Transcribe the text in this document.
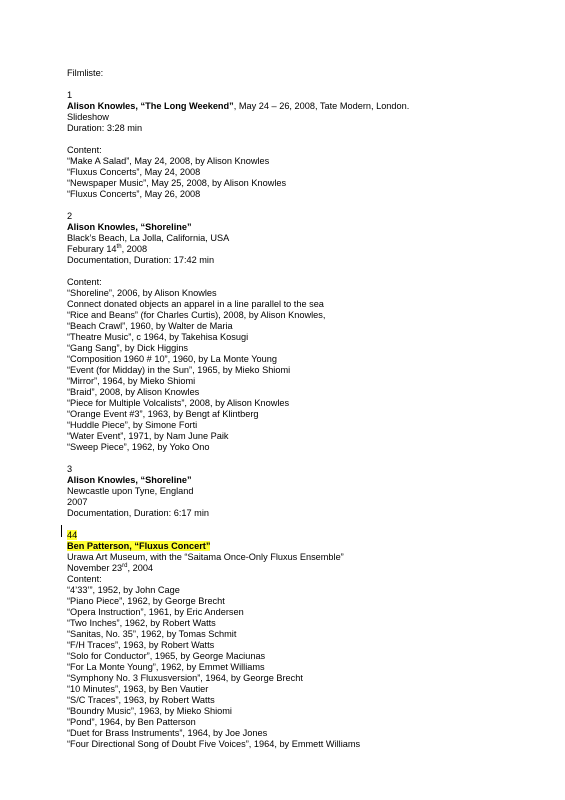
Filmliste:
1
Alison Knowles, “The Long Weekend”, May 24 – 26, 2008, Tate Modern, London.
Slideshow
Duration: 3:28 min
Content:
“Make A Salad”, May 24, 2008, by Alison Knowles
“Fluxus Concerts”, May 24, 2008
“Newspaper Music”, May 25, 2008, by Alison Knowles
“Fluxus Concerts”, May 26, 2008
2
Alison Knowles, “Shoreline”
Black’s Beach, La Jolla, California, USA
Feburary 14th, 2008
Documentation, Duration: 17:42 min
Content:
“Shoreline”, 2006, by Alison Knowles
Connect donated objects an apparel in a line parallel to the sea
“Rice and Beans” (for Charles Curtis), 2008, by Alison Knowles,
“Beach Crawl”, 1960, by Walter de Maria
“Theatre Music”, c 1964, by Takehisa Kosugi
“Gang Sang”, by Dick Higgins
“Composition 1960 # 10”, 1960, by La Monte Young
“Event (for Midday) in the Sun”, 1965, by Mieko Shiomi
“Mirror”, 1964, by Mieko Shiomi
“Braid”, 2008, by Alison Knowles
“Piece for Multiple Volcalists”, 2008, by Alison Knowles
“Orange Event #3”, 1963, by Bengt af Klintberg
“Huddle Piece”, by Simone Forti
“Water Event”, 1971, by Nam June Paik
“Sweep Piece”, 1962, by Yoko Ono
3
Alison Knowles, “Shoreline”
Newcastle upon Tyne, England
2007
Documentation, Duration: 6:17 min
44
Ben Patterson, “Fluxus Concert”
Urawa Art Museum, with the “Saitama Once-Only Fluxus Ensemble”
November 23rd, 2004
Content:
“4’33’”, 1952, by John Cage
“Piano Piece”, 1962, by George Brecht
“Opera Instruction”, 1961, by Eric Andersen
“Two Inches”, 1962, by Robert Watts
“Sanitas, No. 35”, 1962, by Tomas Schmit
“F/H Traces”, 1963, by Robert Watts
“Solo for Conductor”, 1965, by George Maciunas
“For La Monte Young”, 1962, by Emmet Williams
“Symphony No. 3 Fluxusversion”, 1964, by George Brecht
“10 Minutes”, 1963, by Ben Vautier
“S/C Traces”, 1963, by Robert Watts
“Boundry Music”, 1963, by Mieko Shiomi
“Pond”, 1964, by Ben Patterson
“Duet for Brass Instruments”, 1964, by Joe Jones
“Four Directional Song of Doubt Five Voices”, 1964, by Emmett Williams
